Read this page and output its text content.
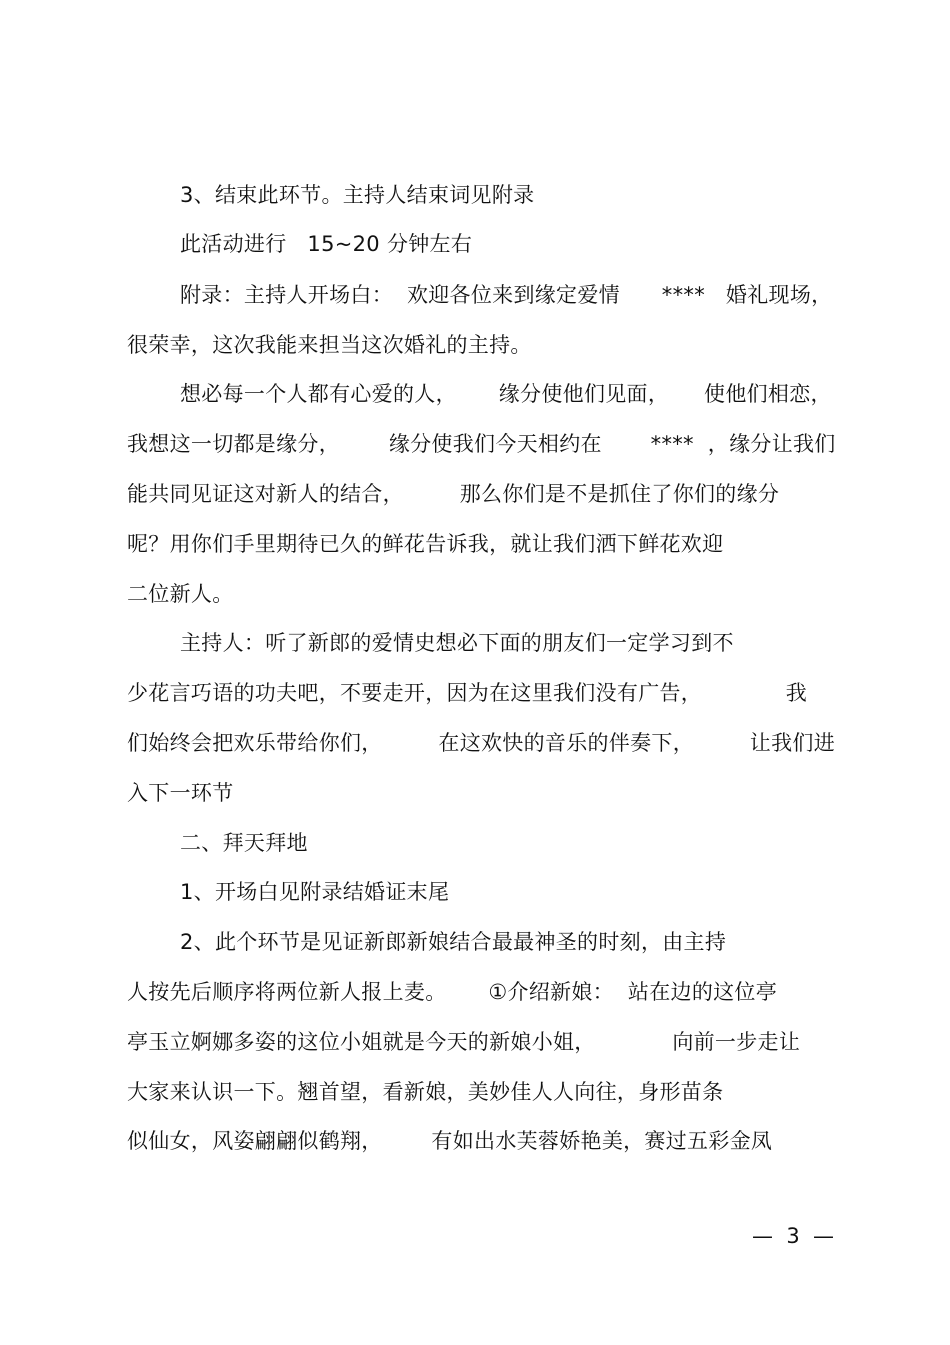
3、结束此环节。主持人结束词见附录
此活动进行   15~20 分钟左右
附录：主持人开场白：  欢迎各位来到缘定爱情      ****   婚礼现场，
很荣幸，这次我能来担当这次婚礼的主持。
想必每一个人都有心爱的人，      缘分使他们见面，     使他们相恋，
我想这一切都是缘分，       缘分使我们今天相约在       ****  ，缘分让我们
能共同见证这对新人的结合，        那么你们是不是抓住了你们的缘分
呢？用你们手里期待已久的鲜花告诉我，就让我们洒下鲜花欢迎
二位新人。
主持人：听了新郎的爱情史想必下面的朋友们一定学习到不
少花言巧语的功夫吧，不要走开，因为在这里我们没有广告，            我
们始终会把欢乐带给你们，        在这欢快的音乐的伴奏下，        让我们进
入下一环节
二、拜天拜地
1、开场白见附录结婚证末尾
2、此个环节是见证新郎新娘结合最最神圣的时刻，由主持
人按先后顺序将两位新人报上麦。      ①介绍新娘：  站在边的这位亭
亭玉立婀娜多姿的这位小姐就是今天的新娘小姐，           向前一步走让
大家来认识一下。翘首望，看新娘，美妙佳人人向往，身形苗条
似仙女，风姿翩翩似鹤翔，       有如出水芙蓉娇艳美，赛过五彩金凤
—  3  —
